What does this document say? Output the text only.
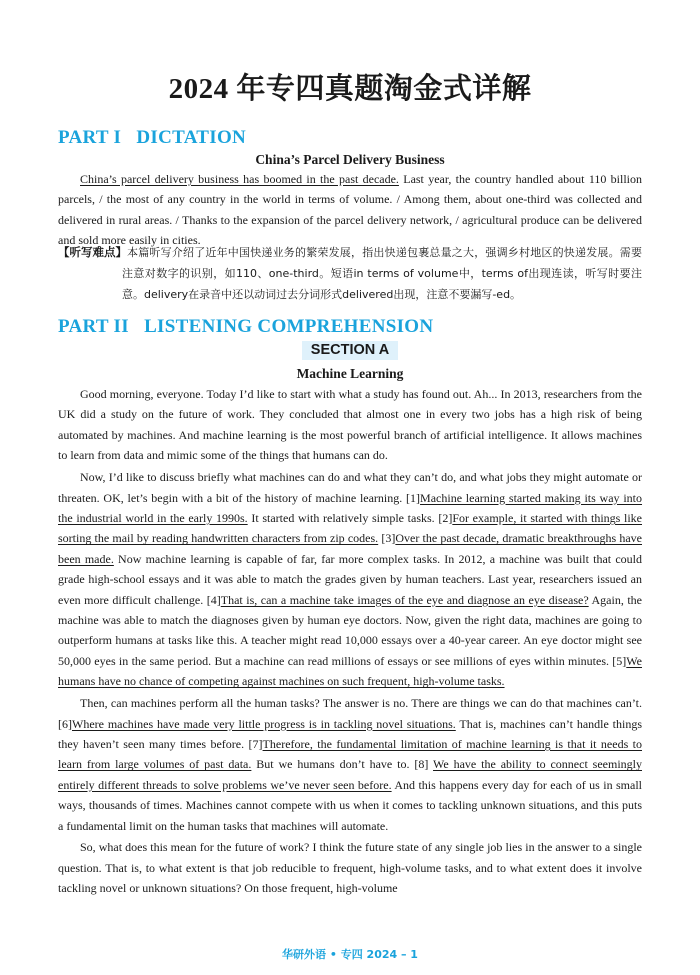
2024 年专四真题淘金式详解
PART I   DICTATION
China’s Parcel Delivery Business

China’s parcel delivery business has boomed in the past decade. Last year, the country handled about 110 billion parcels, / the most of any country in the world in terms of volume. / Among them, about one-third was collected and delivered in rural areas. / Thanks to the expansion of the parcel delivery network, / agricultural produce can be delivered and sold more easily in cities.

【听写难点】 本篇听写介绍了近年中国快递业务的繁荣发展，指出快递包裹总量之大，强调乡村地区的快递发展。需要注意对数字的识别，如110、one-third。短语in terms of volume中，terms of出现连读，听写时要注意。delivery在录音中还以动词过去分词形式delivered出现，注意不要漏写-ed。
PART II   LISTENING COMPREHENSION
SECTION A
Machine Learning

Good morning, everyone. Today I’d like to start with what a study has found out. Ah... In 2013, researchers from the UK did a study on the future of work. They concluded that almost one in every two jobs has a high risk of being automated by machines. And machine learning is the most powerful branch of artificial intelligence. It allows machines to learn from data and mimic some of the things that humans can do.

Now, I’d like to discuss briefly what machines can do and what they can’t do, and what jobs they might automate or threaten. OK, let’s begin with a bit of the history of machine learning. [1]Machine learning started making its way into the industrial world in the early 1990s. It started with relatively simple tasks. [2]For example, it started with things like sorting the mail by reading handwritten characters from zip codes. [3]Over the past decade, dramatic breakthroughs have been made. Now machine learning is capable of far, far more complex tasks. In 2012, a machine was built that could grade high-school essays and it was able to match the grades given by human teachers. Last year, researchers issued an even more difficult challenge. [4]That is, can a machine take images of the eye and diagnose an eye disease? Again, the machine was able to match the diagnoses given by human eye doctors. Now, given the right data, machines are going to outperform humans at tasks like this. A teacher might read 10,000 essays over a 40-year career. An eye doctor might see 50,000 eyes in the same period. But a machine can read millions of essays or see millions of eyes within minutes. [5]We humans have no chance of competing against machines on such frequent, high-volume tasks.

Then, can machines perform all the human tasks? The answer is no. There are things we can do that machines can’t. [6]Where machines have made very little progress is in tackling novel situations. That is, machines can’t handle things they haven’t seen many times before. [7]Therefore, the fundamental limitation of machine learning is that it needs to learn from large volumes of past data. But we humans don’t have to. [8] We have the ability to connect seemingly entirely different threads to solve problems we’ve never seen before. And this happens every day for each of us in small ways, thousands of times. Machines cannot compete with us when it comes to tackling unknown situations, and this puts a fundamental limit on the human tasks that machines will automate.

So, what does this mean for the future of work? I think the future state of any single job lies in the answer to a single question. That is, to what extent is that job reducible to frequent, high-volume tasks, and to what extent does it involve tackling novel or unknown situations? On those frequent, high-volume

华研外语 • 专四 2024 – 1
